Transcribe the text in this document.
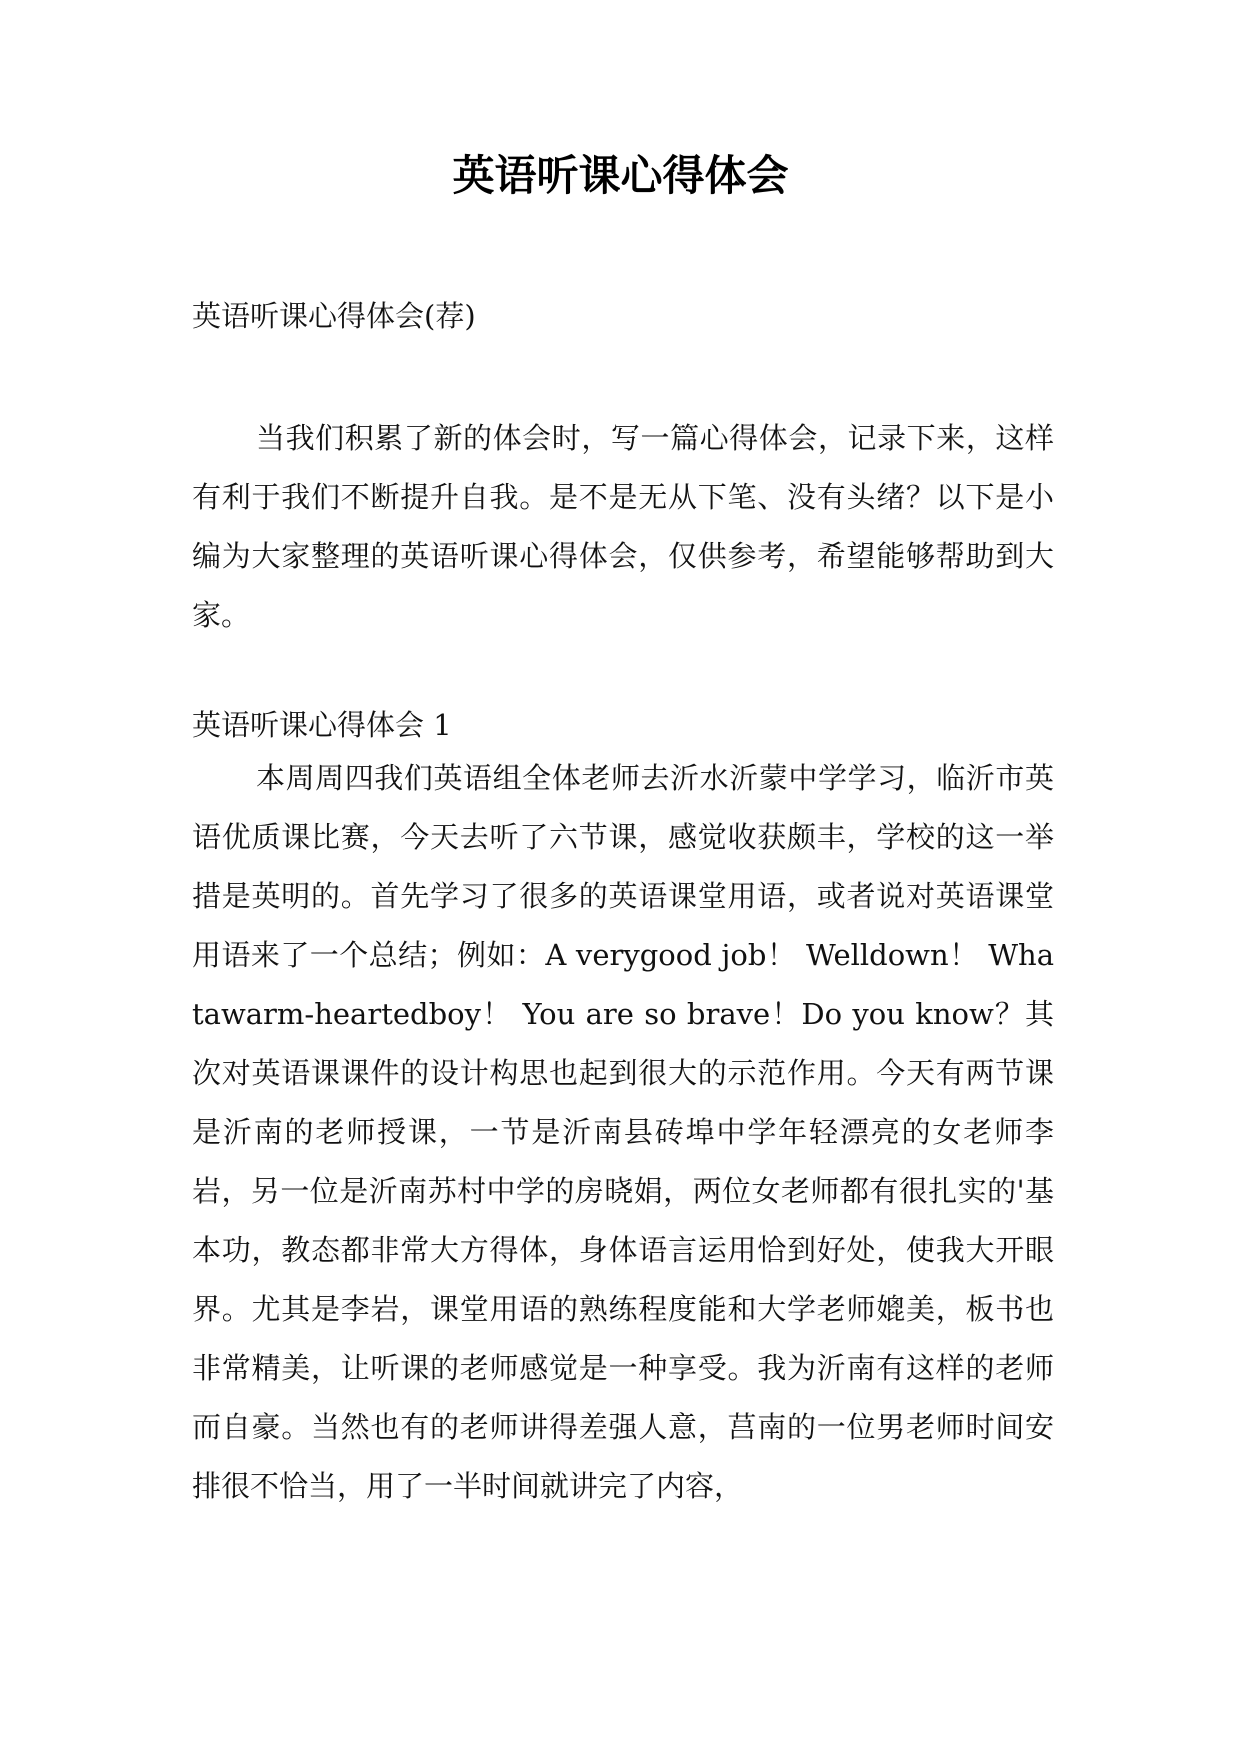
英语听课心得体会

英语听课心得体会(荐)

当我们积累了新的体会时，写一篇心得体会，记录下来，这样有利于我们不断提升自我。是不是无从下笔、没有头绪？以下是小编为大家整理的英语听课心得体会，仅供参考，希望能够帮助到大家。

英语听课心得体会 1

本周周四我们英语组全体老师去沂水沂蒙中学学习，临沂市英语优质课比赛，今天去听了六节课，感觉收获颇丰，学校的这一举措是英明的。首先学习了很多的英语课堂用语，或者说对英语课堂用语来了一个总结；例如：A verygood job！ Welldown！ Whatawarm-heartedboy！ You are so brave！Do you know？其次对英语课课件的设计构思也起到很大的示范作用。今天有两节课是沂南的老师授课，一节是沂南县砖埠中学年轻漂亮的女老师李岩，另一位是沂南苏村中学的房晓娟，两位女老师都有很扎实的'基本功，教态都非常大方得体，身体语言运用恰到好处，使我大开眼界。尤其是李岩，课堂用语的熟练程度能和大学老师媲美，板书也非常精美，让听课的老师感觉是一种享受。我为沂南有这样的老师而自豪。当然也有的老师讲得差强人意，莒南的一位男老师时间安排很不恰当，用了一半时间就讲完了内容，
